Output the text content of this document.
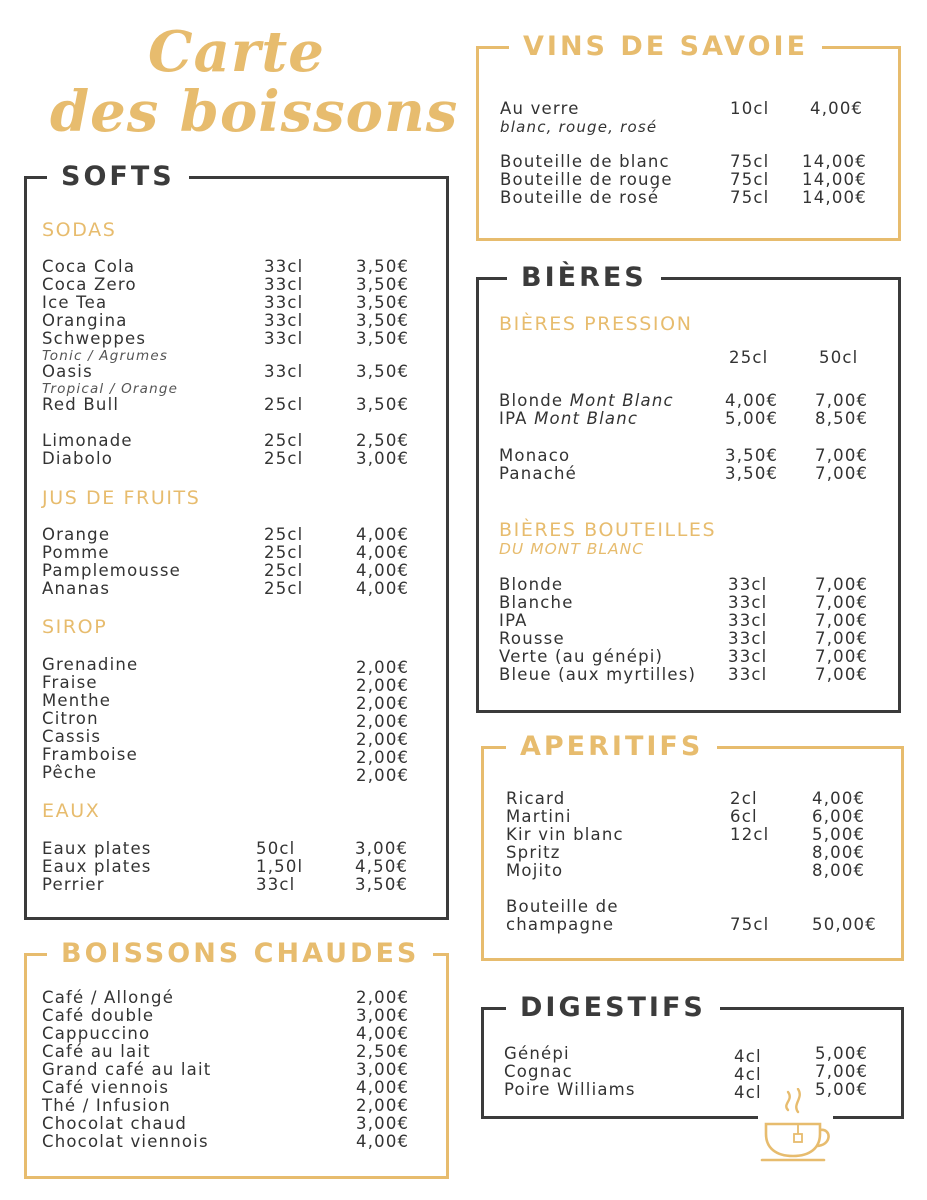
Carte
des boissons
SOFTS
SODAS
Coca Cola	33cl	3,50€
Coca Zero	33cl	3,50€
Ice Tea	33cl	3,50€
Orangina	33cl	3,50€
Schweppes	33cl	3,50€
Tonic / Agrumes
Oasis	33cl	3,50€
Tropical / Orange
Red Bull	25cl	3,50€
Limonade	25cl	2,50€
Diabolo	25cl	3,00€
JUS DE FRUITS
Orange	25cl	4,00€
Pomme	25cl	4,00€
Pamplemousse	25cl	4,00€
Ananas	25cl	4,00€
SIROP
Grenadine	2,00€
Fraise	2,00€
Menthe	2,00€
Citron	2,00€
Cassis	2,00€
Framboise	2,00€
Pêche	2,00€
EAUX
Eaux plates	50cl	3,00€
Eaux plates	1,50l	4,50€
Perrier	33cl	3,50€
BOISSONS CHAUDES
Café / Allongé	2,00€
Café double	3,00€
Cappuccino	4,00€
Café au lait	2,50€
Grand café au lait	3,00€
Café viennois	4,00€
Thé / Infusion	2,00€
Chocolat chaud	3,00€
Chocolat viennois	4,00€
VINS DE SAVOIE
Au verre	10cl 4,00€
blanc, rouge, rosé
Bouteille de blanc	75cl 14,00€
Bouteille de rouge	75cl 14,00€
Bouteille de rosé	75cl 14,00€
BIÈRES
BIÈRES PRESSION
25cl	50cl
Blonde Mont Blanc	4,00€ 7,00€
IPA Mont Blanc	5,00€ 8,50€
Monaco	3,50€ 7,00€
Panaché	3,50€ 7,00€
BIÈRES BOUTEILLES
DU MONT BLANC
Blonde	33cl	7,00€
Blanche	33cl	7,00€
IPA	33cl	7,00€
Rousse	33cl	7,00€
Verte (au génépi)	33cl	7,00€
Bleue (aux myrtilles) 33cl	7,00€
APERITIFS
Ricard	2cl	4,00€
Martini	6cl	6,00€
Kir vin blanc	12cl	5,00€
Spritz	8,00€
Mojito	8,00€
Bouteille de
champagne	75cl	50,00€
DIGESTIFS
Génépi	4cl	5,00€
Cognac	4cl	7,00€
Poire Williams	4cl	5,00€
